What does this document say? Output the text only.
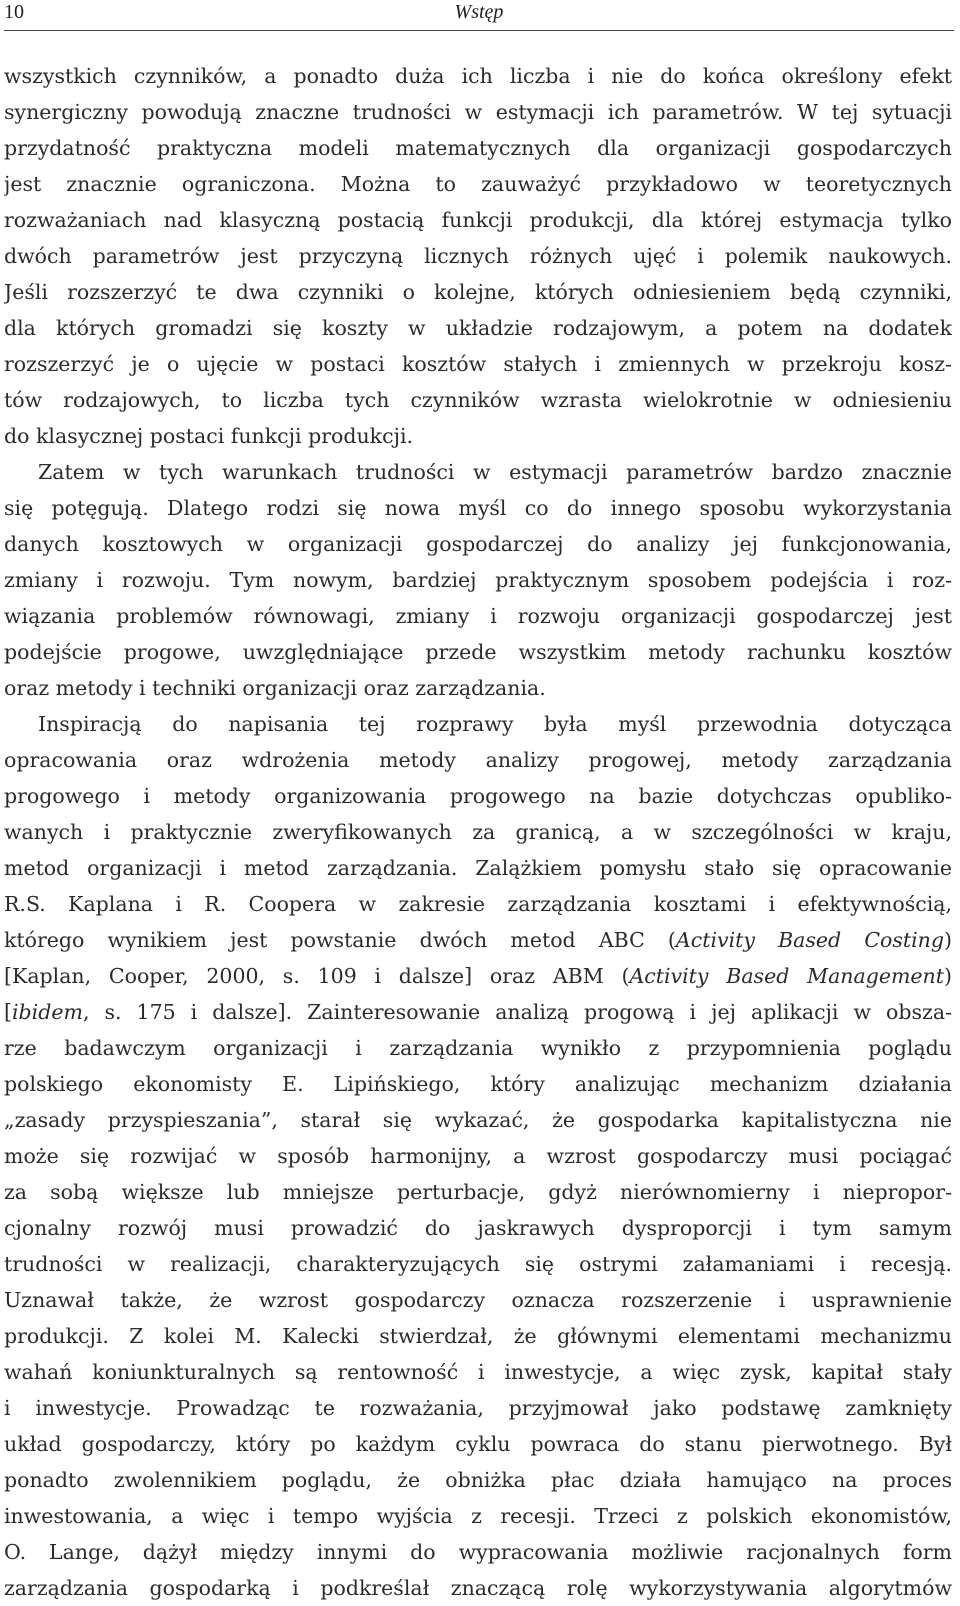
10	Wstęp
wszystkich czynników, a ponadto duża ich liczba i nie do końca określony efekt
synergiczny powodują znaczne trudności w estymacji ich parametrów. W tej sytuacji
przydatność praktyczna modeli matematycznych dla organizacji gospodarczych
jest znacznie ograniczona. Można to zauważyć przykładowo w teoretycznych
rozważaniach nad klasyczną postacią funkcji produkcji, dla której estymacja tylko
dwóch parametrów jest przyczyną licznych różnych ujęć i polemik naukowych.
Jeśli rozszerzyć te dwa czynniki o kolejne, których odniesieniem będą czynniki,
dla których gromadzi się koszty w układzie rodzajowym, a potem na dodatek
rozszerzyć je o ujęcie w postaci kosztów stałych i zmiennych w przekroju kosz-
tów rodzajowych, to liczba tych czynników wzrasta wielokrotnie w odniesieniu
do klasycznej postaci funkcji produkcji.
Zatem w tych warunkach trudności w estymacji parametrów bardzo znacznie
się potęgują. Dlatego rodzi się nowa myśl co do innego sposobu wykorzystania
danych kosztowych w organizacji gospodarczej do analizy jej funkcjonowania,
zmiany i rozwoju. Tym nowym, bardziej praktycznym sposobem podejścia i roz-
wiązania problemów równowagi, zmiany i rozwoju organizacji gospodarczej jest
podejście progowe, uwzględniające przede wszystkim metody rachunku kosztów
oraz metody i techniki organizacji oraz zarządzania.
Inspiracją do napisania tej rozprawy była myśl przewodnia dotycząca
opracowania oraz wdrożenia metody analizy progowej, metody zarządzania
progowego i metody organizowania progowego na bazie dotychczas opubliko-
wanych i praktycznie zweryfikowanych za granicą, a w szczególności w kraju,
metod organizacji i metod zarządzania. Zalążkiem pomysłu stało się opracowanie
R.S. Kaplana i R. Coopera w zakresie zarządzania kosztami i efektywnością,
którego wynikiem jest powstanie dwóch metod ABC (Activity Based Costing)
[Kaplan, Cooper, 2000, s. 109 i dalsze] oraz ABM (Activity Based Management)
[ibidem, s. 175 i dalsze]. Zainteresowanie analizą progową i jej aplikacji w obsza-
rze badawczym organizacji i zarządzania wynikło z przypomnienia poglądu
polskiego ekonomisty E. Lipińskiego, który analizując mechanizm działania
„zasady przyspieszania”, starał się wykazać, że gospodarka kapitalistyczna nie
może się rozwijać w sposób harmonijny, a wzrost gospodarczy musi pociągać
za sobą większe lub mniejsze perturbacje, gdyż nierównomierny i niepropor-
cjonalny rozwój musi prowadzić do jaskrawych dysproporcji i tym samym
trudności w realizacji, charakteryzujących się ostrymi załamaniami i recesją.
Uznawał także, że wzrost gospodarczy oznacza rozszerzenie i usprawnienie
produkcji. Z kolei M. Kalecki stwierdzał, że głównymi elementami mechanizmu
wahań koniunkturalnych są rentowność i inwestycje, a więc zysk, kapitał stały
i inwestycje. Prowadząc te rozważania, przyjmował jako podstawę zamknięty
układ gospodarczy, który po każdym cyklu powraca do stanu pierwotnego. Był
ponadto zwolennikiem poglądu, że obniżka płac działa hamująco na proces
inwestowania, a więc i tempo wyjścia z recesji. Trzeci z polskich ekonomistów,
O. Lange, dążył między innymi do wypracowania możliwie racjonalnych form
zarządzania gospodarką i podkreślał znaczącą rolę wykorzystywania algorytmów
